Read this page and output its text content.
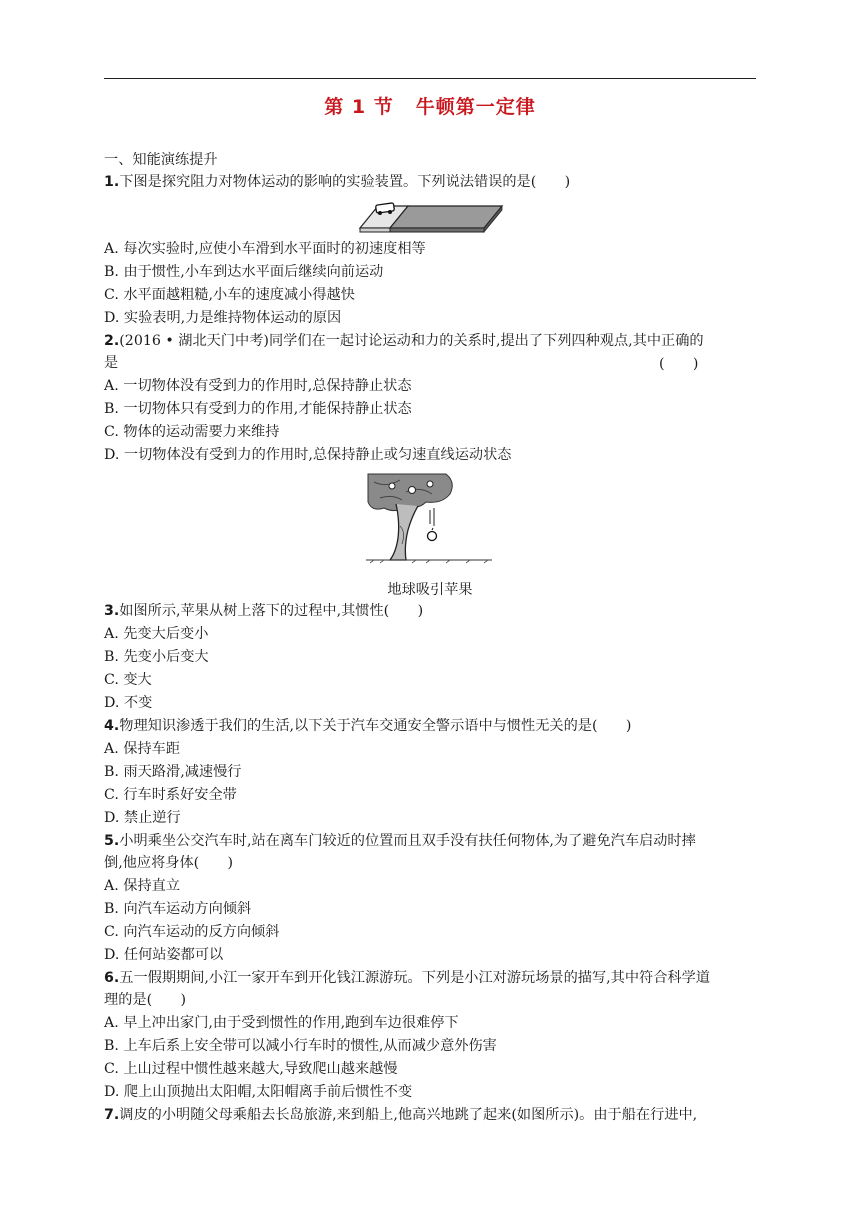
第 1 节 牛顿第一定律
一、知能演练提升
1.下图是探究阻力对物体运动的影响的实验装置。下列说法错误的是(　　)
A. 每次实验时,应使小车滑到水平面时的初速度相等
B. 由于惯性,小车到达水平面后继续向前运动
C. 水平面越粗糙,小车的速度减小得越快
D. 实验表明,力是维持物体运动的原因
2.(2016 • 湖北天门中考)同学们在一起讨论运动和力的关系时,提出了下列四种观点,其中正确的
是	(　　)
A. 一切物体没有受到力的作用时,总保持静止状态
B. 一切物体只有受到力的作用,才能保持静止状态
C. 物体的运动需要力来维持
D. 一切物体没有受到力的作用时,总保持静止或匀速直线运动状态
地球吸引苹果
3.如图所示,苹果从树上落下的过程中,其惯性(　　)
A. 先变大后变小
B. 先变小后变大
C. 变大
D. 不变
4.物理知识渗透于我们的生活,以下关于汽车交通安全警示语中与惯性无关的是(　　)
A. 保持车距
B. 雨天路滑,减速慢行
C. 行车时系好安全带
D. 禁止逆行
5.小明乘坐公交汽车时,站在离车门较近的位置而且双手没有扶任何物体,为了避免汽车启动时摔
倒,他应将身体(　　)
A. 保持直立
B. 向汽车运动方向倾斜
C. 向汽车运动的反方向倾斜
D. 任何站姿都可以
6.五一假期期间,小江一家开车到开化钱江源游玩。下列是小江对游玩场景的描写,其中符合科学道
理的是(　　)
A. 早上冲出家门,由于受到惯性的作用,跑到车边很难停下
B. 上车后系上安全带可以减小行车时的惯性,从而减少意外伤害
C. 上山过程中惯性越来越大,导致爬山越来越慢
D. 爬上山顶抛出太阳帽,太阳帽离手前后惯性不变
7.调皮的小明随父母乘船去长岛旅游,来到船上,他高兴地跳了起来(如图所示)。由于船在行进中,
